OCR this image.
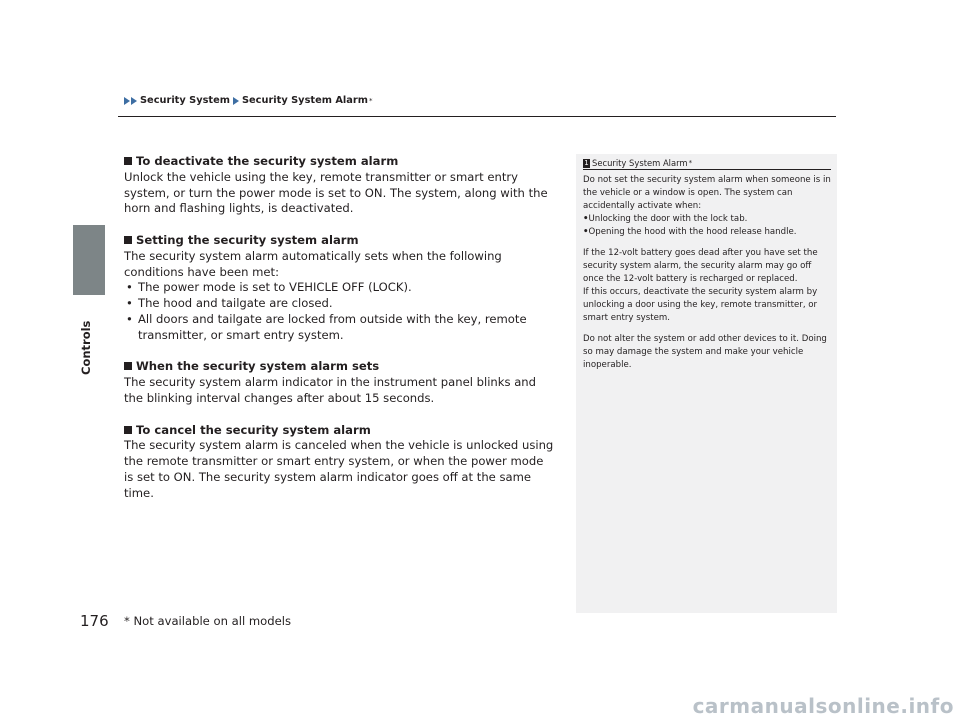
Controls
Security System Security System Alarm *
To deactivate the security system alarm

Unlock the vehicle using the key, remote transmitter or smart entry system, or turn the power mode is set to ON. The system, along with the horn and flashing lights, is deactivated.

Setting the security system alarm

The security system alarm automatically sets when the following conditions have been met:

• The power mode is set to VEHICLE OFF (LOCK).
• The hood and tailgate are closed.
• All doors and tailgate are locked from outside with the key, remote transmitter, or smart entry system.
When the security system alarm sets

The security system alarm indicator in the instrument panel blinks and the blinking interval changes after about 15 seconds.

To cancel the security system alarm

The security system alarm is canceled when the vehicle is unlocked using the remote transmitter or smart entry system, or when the power mode is set to ON. The security system alarm indicator goes off at the same time.

1 Security System Alarm *

Do not set the security system alarm when someone is in the vehicle or a window is open. The system can accidentally activate when:

•Unlocking the door with the lock tab.

•Opening the hood with the hood release handle.

If the 12-volt battery goes dead after you have set the security system alarm, the security alarm may go off once the 12-volt battery is recharged or replaced.

If this occurs, deactivate the security system alarm by unlocking a door using the key, remote transmitter, or smart entry system.

Do not alter the system or add other devices to it. Doing so may damage the system and make your vehicle inoperable.

176 * Not available on all models
carmanualsonline.info
